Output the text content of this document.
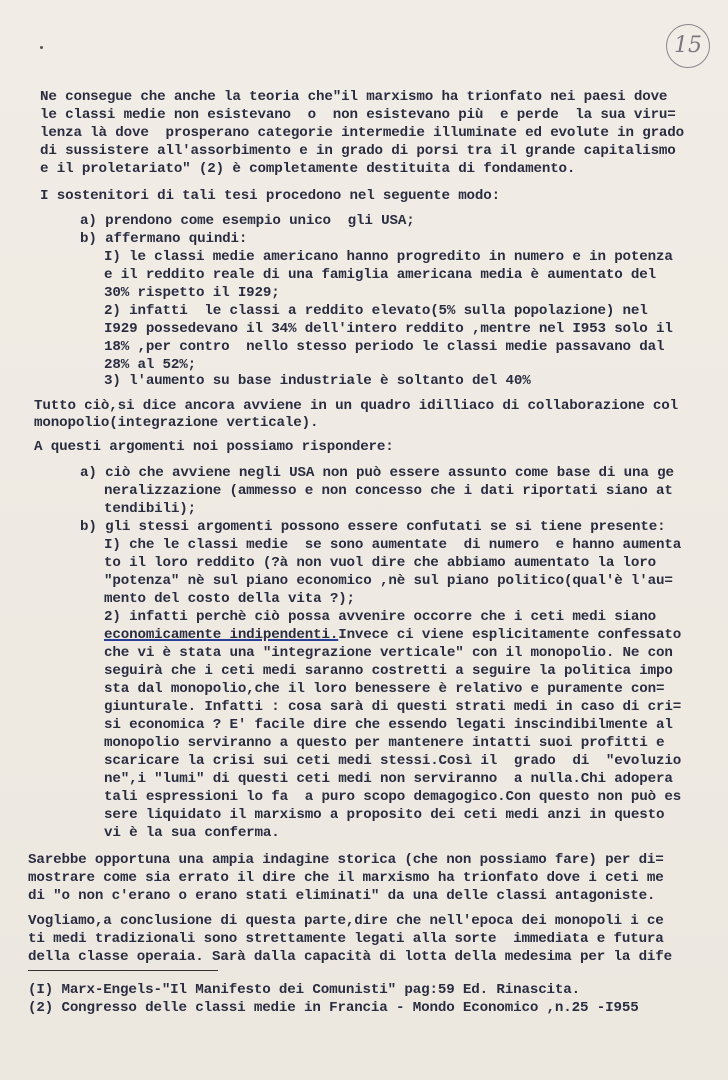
15
Ne consegue che anche la teoria che"il marxismo ha trionfato nei paesi dove
le classi medie non esistevano  o  non esistevano più  e perde  la sua viru=
lenza là dove  prosperano categorie intermedie illuminate ed evolute in grado
di sussistere all'assorbimento e in grado di porsi tra il grande capitalismo
e il proletariato" (2) è completamente destituita di fondamento.
I sostenitori di tali tesi procedono nel seguente modo:
a) prendono come esempio unico  gli USA;
b) affermano quindi:
I) le classi medie americano hanno progredito in numero e in potenza
e il reddito reale di una famiglia americana media è aumentato del
30% rispetto il I929;
2) infatti  le classi a reddito elevato(5% sulla popolazione) nel
I929 possedevano il 34% dell'intero reddito ,mentre nel I953 solo il
18% ,per contro  nello stesso periodo le classi medie passavano dal
28% al 52%;
3) l'aumento su base industriale è soltanto del 40%
Tutto ciò,si dice ancora avviene in un quadro idilliaco di collaborazione col
monopolio(integrazione verticale).
A questi argomenti noi possiamo rispondere:
a) ciò che avviene negli USA non può essere assunto come base di una ge
neralizzazione (ammesso e non concesso che i dati riportati siano at
tendibili);
b) gli stessi argomenti possono essere confutati se si tiene presente:
I) che le classi medie  se sono aumentate  di numero  e hanno aumenta
to il loro reddito (?à non vuol dire che abbiamo aumentato la loro
"potenza" nè sul piano economico ,nè sul piano politico(qual'è l'au=
mento del costo della vita ?);
2) infatti perchè ciò possa avvenire occorre che i ceti medi siano
economicamente indipendenti.Invece ci viene esplicitamente confessato
che vi è stata una "integrazione verticale" con il monopolio. Ne con
seguirà che i ceti medi saranno costretti a seguire la politica impo
sta dal monopolio,che il loro benessere è relativo e puramente con=
giunturale. Infatti : cosa sarà di questi strati medi in caso di cri=
si economica ? E' facile dire che essendo legati inscindibilmente al
monopolio serviranno a questo per mantenere intatti suoi profitti e
scaricare la crisi sui ceti medi stessi.Così il  grado  di  "evoluzio
ne",i "lumi" di questi ceti medi non serviranno  a nulla.Chi adopera
tali espressioni lo fa  a puro scopo demagogico.Con questo non può es
sere liquidato il marxismo a proposito dei ceti medi anzi in questo
vi è la sua conferma.
Sarebbe opportuna una ampia indagine storica (che non possiamo fare) per di=
mostrare come sia errato il dire che il marxismo ha trionfato dove i ceti me
di "o non c'erano o erano stati eliminati" da una delle classi antagoniste.
Vogliamo,a conclusione di questa parte,dire che nell'epoca dei monopoli i ce
ti medi tradizionali sono strettamente legati alla sorte  immediata e futura
della classe operaia. Sarà dalla capacità di lotta della medesima per la dife
(I) Marx-Engels-"Il Manifesto dei Comunisti" pag:59 Ed. Rinascita.
(2) Congresso delle classi medie in Francia - Mondo Economico ,n.25 -I955
